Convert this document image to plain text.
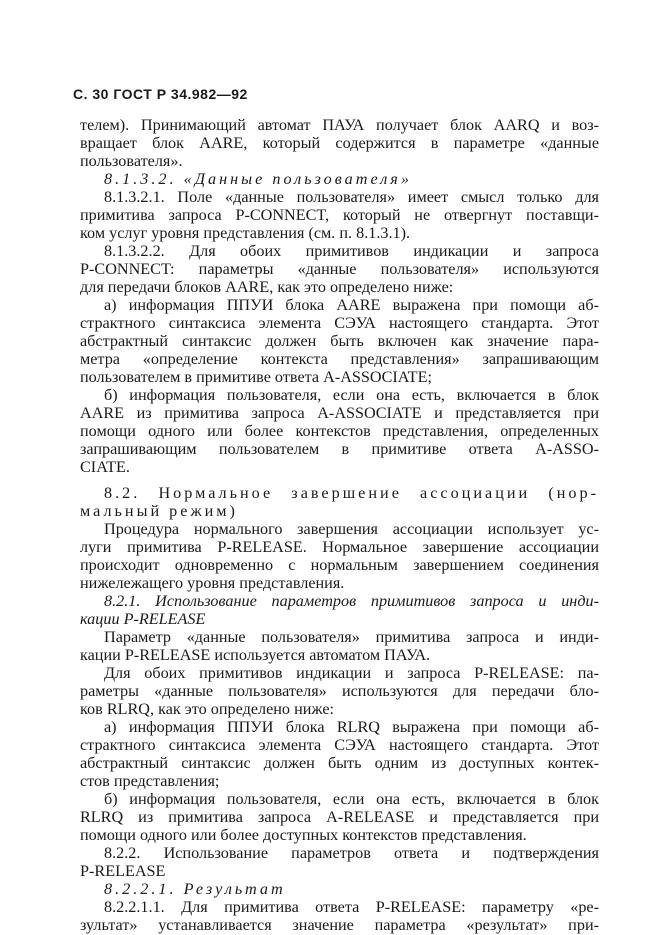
С. 30 ГОСТ Р 34.982—92
телем). Принимающий автомат ПАУА получает блок AARQ и воз-
вращает блок AARE, который содержится в параметре «данные
пользователя».
8.1.3.2. «Данные пользователя»
8.1.3.2.1. Поле «данные пользователя» имеет смысл только для
примитива запроса P-CONNECT, который не отвергнут поставщи-
ком услуг уровня представления (см. п. 8.1.3.1).
8.1.3.2.2. Для обоих примитивов индикации и запроса
P-CONNECT: параметры «данные пользователя» используются
для передачи блоков AARE, как это определено ниже:
а) информация ППУИ блока AARE выражена при помощи аб-
страктного синтаксиса элемента СЭУА настоящего стандарта. Этот
абстрактный синтаксис должен быть включен как значение пара-
метра «определение контекста представления» запрашивающим
пользователем в примитиве ответа A-ASSOCIATE;
б) информация пользователя, если она есть, включается в блок
AARE из примитива запроса A-ASSOCIATE и представляется при
помощи одного или более контекстов представления, определенных
запрашивающим пользователем в примитиве ответа A-ASSO-
CIATE.
8.2. Нормальное завершение ассоциации (нор-
мальный режим)
Процедура нормального завершения ассоциации использует ус-
луги примитива P-RELEASE. Нормальное завершение ассоциации
происходит одновременно с нормальным завершением соединения
нижележащего уровня представления.
8.2.1. Использование параметров примитивов запроса и инди-
кации P-RELEASE
Параметр «данные пользователя» примитива запроса и инди-
кации P-RELEASE используется автоматом ПАУА.
Для обоих примитивов индикации и запроса P-RELEASE: па-
раметры «данные пользователя» используются для передачи бло-
ков RLRQ, как это определено ниже:
а) информация ППУИ блока RLRQ выражена при помощи аб-
страктного синтаксиса элемента СЭУА настоящего стандарта. Этот
абстрактный синтаксис должен быть одним из доступных контек-
стов представления;
б) информация пользователя, если она есть, включается в блок
RLRQ из примитива запроса A-RELEASE и представляется при
помощи одного или более доступных контекстов представления.
8.2.2. Использование параметров ответа и подтверждения
P-RELEASE
8.2.2.1. Результат
8.2.2.1.1. Для примитива ответа P-RELEASE: параметру «ре-
зультат» устанавливается значение параметра «результат» при-
